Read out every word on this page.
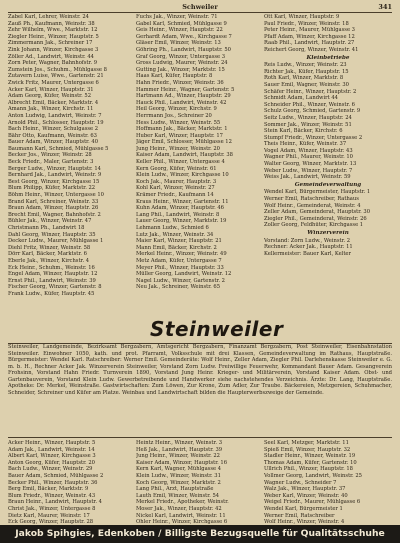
Schweiler	341
Zabel Karl, Lehrer, Weinstr. 24
Zauß Ph., Kaufmann, Weinstr. 38
Zehr Wilhelm, Wwe., Marktstr. 12
Ziegler Heinr., Winzer, Hauptstr. 5
Zimmermann Jak., Schreiner 17
Zink Johann, Winzer, Kirchgasse 3
Zöller Ad., Landwirt, Weinstr. 44
Zorn Peter, Wagner, Bahnhofstr. 9
Zumstein Jos., Schuhm., Mühlgasse 8
Zutavern Luise, Wwe., Gartenstr. 21
Zwick Fritz, Maurer, Untergasse 6
Acker Karl, Winzer, Hauptstr. 31
Adam Georg, Küfer, Weinstr. 52
Albrecht Emil, Bäcker, Marktstr. 4
Amann Jak., Winzer, Kirchstr. 11
Anton Ludwig, Landwirt, Weinstr. 7
Arnold Phil., Schlosser, Hauptstr. 19
Bach Heinr., Winzer, Schulgasse 2
Bähr Otto, Kaufmann, Weinstr. 63
Bauer Adam, Winzer, Hauptstr. 40
Baumann Karl, Schmied, Mühlgasse 5
Becker Jos., Winzer, Weinstr. 28
Beck Friedr., Maler, Gartenstr. 3
Berger Ludw., Winzer, Hauptstr. 14
Bernhard Jak., Landwirt, Weinstr. 9
Best Georg, Winzer, Kirchgasse 15
Blum Philipp, Küfer, Marktstr. 22
Böhm Heinr., Winzer, Untergasse 10
Brand Karl, Schreiner, Weinstr. 33
Braun Adam, Winzer, Hauptstr. 26
Brecht Emil, Wagner, Bahnhofstr. 2
Bühler Jak., Winzer, Weinstr. 47
Christmann Ph., Landwirt 18
Dahl Georg, Winzer, Hauptstr. 35
Decker Ludw., Maurer, Mühlgasse 1
Diehl Fritz, Winzer, Weinstr. 58
Dörr Karl, Bäcker, Marktstr. 6
Eberle Jak., Winzer, Kirchstr. 4
Eck Heinr., Schuhm., Weinstr. 16
Engel Adam, Winzer, Hauptstr. 12
Ernst Phil., Landwirt, Weinstr. 39
Fischer Georg, Winzer, Gartenstr. 8
Frank Ludw., Küfer, Hauptstr. 45
Fuchs Jak., Winzer, Weinstr. 71
Gabel Karl, Schmied, Mühlgasse 9
Geis Heinr., Winzer, Hauptstr. 22
Gerhardt Adam, Wwe., Kirchgasse 7
Gläser Emil, Winzer, Weinstr. 13
Göhring Ph., Landwirt, Hauptstr. 50
Graf Georg, Winzer, Untergasse 3
Gross Ludwig, Maurer, Weinstr. 24
Gutting Jak., Winzer, Marktstr. 15
Haas Karl, Küfer, Hauptstr. 8
Hahn Friedr., Winzer, Weinstr. 36
Hammer Heinr., Wagner, Gartenstr. 5
Hartmann Ad., Winzer, Hauptstr. 29
Hauck Phil., Landwirt, Weinstr. 42
Heil Georg, Winzer, Kirchstr. 9
Herrmann Jos., Schreiner 20
Hess Ludw., Winzer, Weinstr. 55
Hoffmann Jak., Bäcker, Marktstr. 1
Huber Karl, Winzer, Hauptstr. 17
Jäger Emil, Schlosser, Mühlgasse 12
Jung Heinr., Winzer, Weinstr. 20
Kaiser Adam, Landwirt, Hauptstr. 38
Keller Phil., Winzer, Untergasse 4
Kern Georg, Küfer, Weinstr. 61
Klein Ludw., Winzer, Kirchgasse 10
Koch Jak., Maurer, Hauptstr. 3
Kohl Karl, Winzer, Weinstr. 27
Krämer Friedr., Kaufmann 14
Kraus Heinr., Winzer, Gartenstr. 11
Kuhn Adam, Winzer, Hauptstr. 46
Lang Phil., Landwirt, Weinstr. 8
Lauer Georg, Winzer, Marktstr. 19
Lehmann Ludw., Schmied 6
Lutz Jak., Winzer, Weinstr. 34
Maier Karl, Winzer, Hauptstr. 21
Mann Emil, Bäcker, Kirchstr. 2
Merkel Heinr., Winzer, Weinstr. 49
Metz Adam, Küfer, Untergasse 7
Meyer Phil., Winzer, Hauptstr. 33
Müller Georg, Landwirt, Weinstr. 12
Nagel Ludw., Winzer, Gartenstr. 2
Neu Jak., Schreiner, Weinstr. 65
Ott Karl, Winzer, Hauptstr. 9
Paul Friedr., Winzer, Weinstr. 18
Peter Heinr., Maurer, Mühlgasse 3
Pfaff Adam, Winzer, Kirchgasse 12
Raab Phil., Landwirt, Hauptstr. 27
Reichert Georg, Winzer, Weinstr. 41
Kleinbetriebe
Reis Ludw., Winzer, Weinstr. 23
Richter Jak., Küfer, Hauptstr. 15
Roth Karl, Winzer, Marktstr. 8
Sauer Emil, Wagner, Weinstr. 30
Schäfer Heinr., Winzer, Hauptstr. 2
Schmidt Adam, Landwirt 44
Schneider Phil., Winzer, Weinstr. 6
Schulz Georg, Schmied, Gartenstr. 9
Seitz Ludw., Winzer, Hauptstr. 24
Sommer Jak., Winzer, Weinstr. 51
Stein Karl, Bäcker, Kirchstr. 6
Stumpf Friedr., Winzer, Untergasse 2
Theis Heinr., Küfer, Weinstr. 37
Vogel Adam, Winzer, Hauptstr. 43
Wagner Phil., Maurer, Weinstr. 10
Walter Georg, Winzer, Marktstr. 13
Weber Ludw., Winzer, Hauptstr. 7
Weiss Jak., Landwirt, Weinstr. 59
Gemeindeverwaltung
Wendel Karl, Bürgermeister, Hauptstr. 1
Werner Emil, Ratschreiber, Rathaus
Wolf Heinr., Gemeinderat, Weinstr. 4
Zeller Adam, Gemeinderat, Hauptstr. 30
Ziegler Phil., Gemeinderat, Weinstr. 26
Zoller Georg, Feldhüter, Kirchgasse 1
Winzerverein
Vorstand: Zorn Ludw., Weinstr. 2
Rechner: Acker Jak., Hauptstr. 11
Kellermeister: Bauer Karl, Kelter
Steinweiler
Steinweiler, Landgemeinde, Bezirksamt Bergzabern, Amtsgericht Bergzabern, Finanzamt Bergzabern, Post Steinweiler, Eisenbahnstation Steinweiler. Einwohner 1050, kath. und prot. Pfarramt, Volksschule mit drei Klassen, Gemeindeverwaltung im Rathaus, Hauptstraße. Bürgermeister: Wendel Karl. Ratschreiber: Werner Emil. Gemeinderäte: Wolf Heinr., Zeller Adam, Ziegler Phil. Darlehenskasse Steinweiler e. G. m. b. H., Rechner Acker Jak. Winzerverein Steinweiler, Vorstand Zorn Ludw. Freiwillige Feuerwehr, Kommandant Bauer Adam. Gesangverein Frohsinn, Vorstand Hahn Friedr. Turnverein 1890, Vorstand Jung Heinr. Krieger- und Militärverein, Vorstand Kaiser Adam. Obst- und Gartenbauverein, Vorstand Klein Ludw. Gewerbetreibende und Handwerker siehe nachstehendes Verzeichnis. Ärzte: Dr. Lang, Hauptstraße. Apotheke: Dr. Merkel, Weinstraße. Gastwirtschaften: Zum Löwen, Zur Krone, Zum Adler, Zur Traube. Bäckereien, Metzgereien, Schuhmacher, Schneider, Schreiner und Küfer am Platze. Weinbau und Landwirtschaft bilden die Haupterwerbszweige der Gemeinde.
Acker Heinr., Winzer, Hauptstr. 5
Adam Jak., Landwirt, Weinstr. 14
Albert Karl, Winzer, Kirchgasse 3
Anton Georg, Küfer, Hauptstr. 20
Bach Ludw., Winzer, Weinstr. 29
Bauer Adam, Schmied, Mühlgasse 2
Becker Phil., Winzer, Hauptstr. 36
Berg Emil, Bäcker, Marktstr. 9
Blum Friedr., Winzer, Weinstr. 43
Braun Heinr., Landwirt, Hauptstr. 4
Christ Jak., Winzer, Untergasse 8
Dietz Karl, Maurer, Weinstr. 17
Eck Georg, Winzer, Hauptstr. 28
Heintz Heinr., Winzer, Weinstr. 3
Heß Jak., Landwirt, Hauptstr. 39
Jung Heinr., Winzer, Weinstr. 22
Kaiser Adam, Winzer, Hauptstr. 16
Kern Karl, Wagner, Mühlgasse 4
Klein Ludw., Winzer, Weinstr. 31
Koch Georg, Winzer, Marktstr. 2
Lang Phil., Arzt, Hauptstraße
Lauth Emil, Winzer, Weinstr. 54
Merkel Friedr., Apotheker, Weinstr.
Moser Jak., Winzer, Hauptstr. 42
Nickel Karl, Landwirt, Weinstr. 11
Ohler Heinr., Winzer, Kirchgasse 6
Seel Karl, Metzger, Marktstr. 11
Spieß Emil, Winzer, Hauptstr. 32
Stadler Heinr., Winzer, Weinstr. 19
Thomas Adam, Küfer, Gartenstr. 10
Ullrich Phil., Winzer, Hauptstr. 18
Vollmer Georg, Landwirt, Weinstr. 25
Wagner Ludw., Schneider 7
Walz Jak., Winzer, Hauptstr. 37
Weber Karl, Winzer, Weinstr. 40
Weigel Friedr., Maurer, Mühlgasse 6
Wendel Karl, Bürgermeister 1
Werner Emil, Ratschreiber
Wolf Heinr., Winzer, Weinstr. 4
Jakob Spihgies, Edenkoben / Billigste Bezugsquelle für Qualitätsschuhe
